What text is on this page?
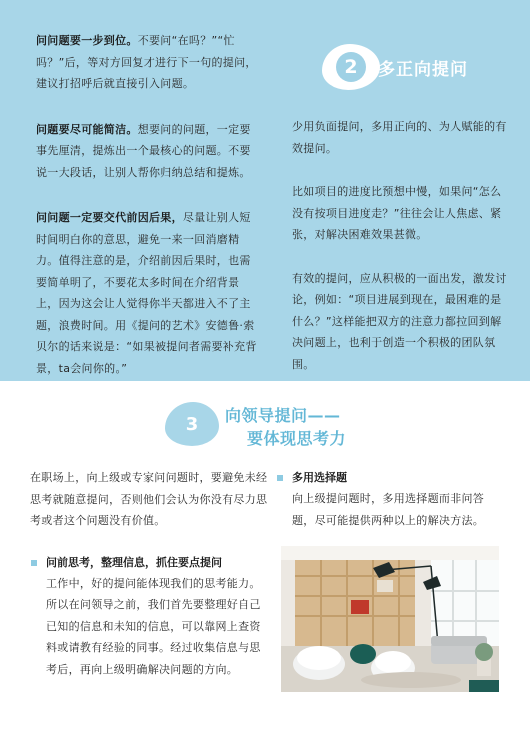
问问题要一步到位。不要问“在吗？”“忙吗？”后，等对方回复才进行下一句的提问，建议打招呼后就直接引入问题。

问题要尽可能简洁。想要问的问题，一定要事先厘清，提炼出一个最核心的问题。不要说一大段话，让别人帮你归纳总结和提炼。

问问题一定要交代前因后果，尽量让别人短时间明白你的意思，避免一来一回消磨精力。值得注意的是，介绍前因后果时，也需要简单明了，不要花太多时间在介绍背景上，因为这会让人觉得你半天都进入不了主题，浪费时间。用《提问的艺术》安德鲁·索贝尔的话来说是：“如果被提问者需要补充背景，ta会问你的。”

2	多正向提问

少用负面提问，多用正向的、为人赋能的有效提问。

比如项目的进度比预想中慢，如果问“怎么没有按项目进度走？”往往会让人焦虑、紧张，对解决困难效果甚微。

有效的提问，应从积极的一面出发，激发讨论，例如：“项目进展到现在，最困难的是什么？”这样能把双方的注意力都拉回到解决问题上，也利于创造一个积极的团队氛围。

3	向领导提问——
要体现思考力

在职场上，向上级或专家问问题时，要避免未经思考就随意提问，否则他们会认为你没有尽力思考或者这个问题没有价值。

问前思考，整理信息，抓住要点提问

工作中，好的提问能体现我们的思考能力。所以在问领导之前，我们首先要整理好自己已知的信息和未知的信息，可以靠网上查资料或请教有经验的同事。经过收集信息与思考后，再向上级明确解决问题的方向。

多用选择题

向上级提问题时，多用选择题而非问答题，尽可能提供两种以上的解决方法。
